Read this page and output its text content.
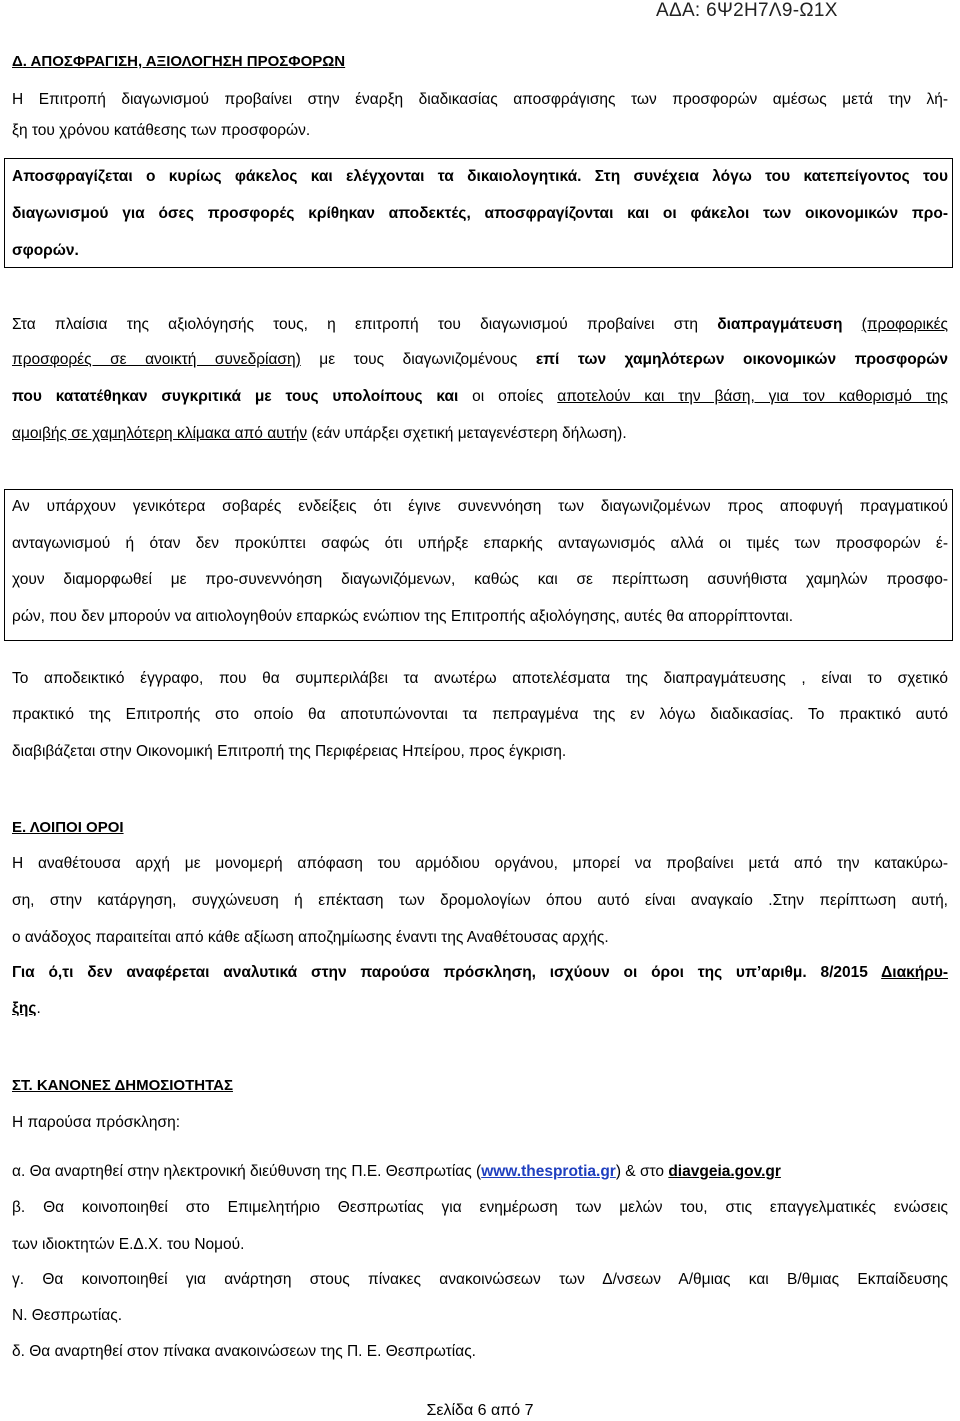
ΑΔΑ: 6Ψ2Η7Λ9-Ω1Χ
Δ. ΑΠΟΣΦΡΑΓΙΣΗ, ΑΞΙΟΛΟΓΗΣΗ ΠΡΟΣΦΟΡΩΝ
Η Επιτροπή διαγωνισμού προβαίνει στην έναρξη διαδικασίας αποσφράγισης των προσφορών αμέσως μετά την λή-
ξη του χρόνου κατάθεσης των προσφορών.
Αποσφραγίζεται ο κυρίως φάκελος και ελέγχονται τα δικαιολογητικά. Στη συνέχεια λόγω του κατεπείγοντος του
διαγωνισμού για όσες προσφορές κρίθηκαν αποδεκτές, αποσφραγίζονται και οι φάκελοι των οικονομικών προ-
σφορών.
Στα πλαίσια της αξιολόγησής τους, η επιτροπή του διαγωνισμού προβαίνει στη διαπραγμάτευση (προφορικές
προσφορές σε ανοικτή συνεδρίαση) με τους διαγωνιζομένους επί των χαμηλότερων οικονομικών προσφορών
που κατατέθηκαν συγκριτικά με τους υπολοίπους και οι οποίες αποτελούν και την βάση, για τον καθορισμό της
αμοιβής σε χαμηλότερη κλίμακα από αυτήν (εάν υπάρξει σχετική μεταγενέστερη δήλωση).
Αν υπάρχουν γενικότερα σοβαρές ενδείξεις ότι έγινε συνεννόηση των διαγωνιζομένων προς αποφυγή πραγματικού
ανταγωνισμού ή όταν δεν προκύπτει σαφώς ότι υπήρξε επαρκής ανταγωνισμός αλλά οι τιμές των προσφορών έ-
χουν διαμορφωθεί με προ-συνεννόηση διαγωνιζόμενων, καθώς και σε περίπτωση ασυνήθιστα χαμηλών προσφο-
ρών, που δεν μπορούν να αιτιολογηθούν επαρκώς ενώπιον της Επιτροπής αξιολόγησης, αυτές θα απορρίπτονται.
Το αποδεικτικό έγγραφο, που θα συμπεριλάβει τα ανωτέρω αποτελέσματα της διαπραγμάτευσης , είναι το σχετικό
πρακτικό της Επιτροπής στο οποίο θα αποτυπώνονται τα πεπραγμένα της εν λόγω διαδικασίας. Το πρακτικό αυτό
διαβιβάζεται στην Οικονομική Επιτροπή της Περιφέρειας Ηπείρου, προς έγκριση.
Ε. ΛΟΙΠΟΙ ΟΡΟΙ
Η αναθέτουσα αρχή με μονομερή απόφαση του αρμόδιου οργάνου, μπορεί να προβαίνει μετά από την κατακύρω-
ση, στην κατάργηση, συγχώνευση ή επέκταση των δρομολογίων όπου αυτό είναι αναγκαίο .Στην περίπτωση αυτή,
ο ανάδοχος παραιτείται από κάθε αξίωση αποζημίωσης έναντι της Αναθέτουσας αρχής.
Για ό,τι δεν αναφέρεται αναλυτικά στην παρούσα πρόσκληση, ισχύουν οι όροι της υπ’αριθμ. 8/2015 Διακήρυ-
ξης.
ΣΤ. ΚΑΝΟΝΕΣ ΔΗΜΟΣΙΟΤΗΤΑΣ
Η παρούσα πρόσκληση:
α. Θα αναρτηθεί στην ηλεκτρονική διεύθυνση της Π.Ε. Θεσπρωτίας (www.thesprotia.gr) & στο diavgeia.gov.gr
β. Θα κοινοποιηθεί στο Επιμελητήριο Θεσπρωτίας για ενημέρωση των μελών του, στις επαγγελματικές ενώσεις
των ιδιοκτητών Ε.Δ.Χ. του Νομού.
γ. Θα κοινοποιηθεί για ανάρτηση στους πίνακες ανακοινώσεων των Δ/νσεων Α/θμιας και Β/θμιας Εκπαίδευσης
Ν. Θεσπρωτίας.
δ. Θα αναρτηθεί στον πίνακα ανακοινώσεων της Π. Ε. Θεσπρωτίας.
Σελίδα 6 από 7
